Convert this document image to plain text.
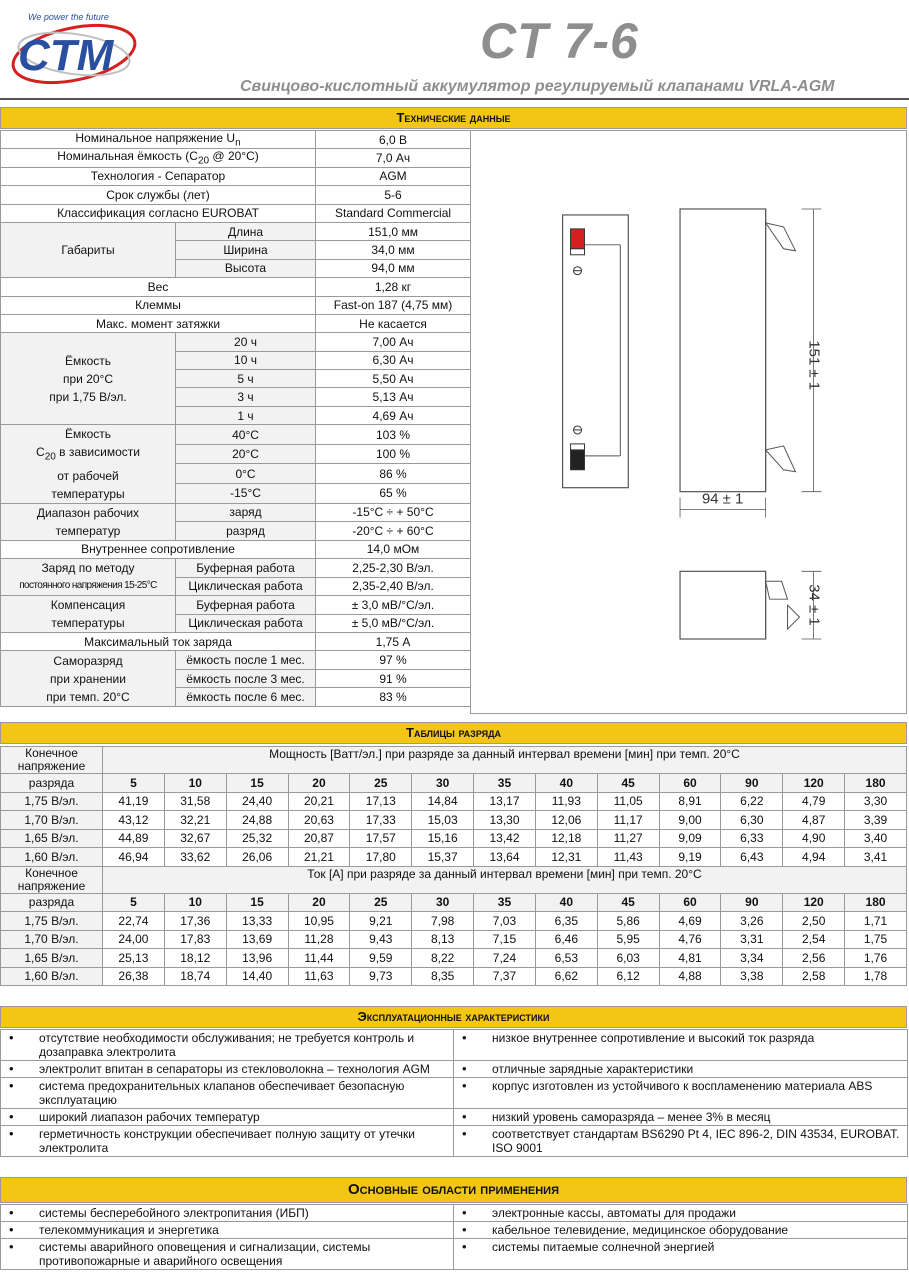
We power the future
CTM	CT 7-6
Свинцово-кислотный аккумулятор регулируемый клапанами VRLA-AGM
Технические данные
Номинальное напряжение $U_n$		6,0 В
Номинальная ёмкость ($С_{20}$ @ 20°С)		7,0 Ач
Технология - Сепаратор		AGM
Срок службы (лет)		5-6
Классификация согласно EUROBAT		Standard Commercial
Габариты	Длина	151,0 мм
	Ширина	34,0 мм
	Высота	94,0 мм
Вес		1,28 кг
Клеммы		Fast-on 187 (4,75 мм)
Макс. момент затяжки		Не касается

Ёмкость
при 20°С
при 1,75 В/эл.	20 ч	7,00 Ач
	10 ч	6,30 Ач
	5 ч	5,50 Ач
	3 ч	5,13 Ач
	1 ч	4,69 Ач

Ёмкость
$С_{20}$ в зависимости
от рабочей
температуры	40°С	103 %
	20°С	100 %
	0°С	86 %
	-15°С	65 %

Диапазон рабочих
температур	заряд	-15°С ÷ + 50°С
	разряд	-20°С ÷ + 60°С
Внутреннее сопротивление		14,0 мОм

Заряд по методу
постоянного напряжения 15-25°С	Буферная работа	2,25-2,30 В/эл.
	Циклическая работа	2,35-2,40 В/эл.

Компенсация
температуры	Буферная работа	± 3,0 мВ/°С/эл.
	Циклическая работа	± 5,0 мВ/°С/эл.
Максимальный ток заряда		1,75 А

Саморазряд
при хранении
при темп. 20°С	ёмкость после 1 мес.	97 %
	ёмкость после 3 мес.	91 %
	ёмкость после 6 мес.	83 %
151 ± 1
94 ± 1
34 ± 1
Таблицы разряда
Конечное напряжение	Мощность [Ватт/эл.] при разряде за данный интервал времени [мин] при темп. 20°С												

разряда	5	10	15	20	25	30	35	40	45	60	90	120	180
1,75 В/эл.	41,19	31,58	24,40	20,21	17,13	14,84	13,17	11,93	11,05	8,91	6,22	4,79	3,30
1,70 В/эл.	43,12	32,21	24,88	20,63	17,33	15,03	13,30	12,06	11,17	9,00	6,30	4,87	3,39
1,65 В/эл.	44,89	32,67	25,32	20,87	17,57	15,16	13,42	12,18	11,27	9,09	6,33	4,90	3,40
1,60 В/эл.	46,94	33,62	26,06	21,21	17,80	15,37	13,64	12,31	11,43	9,19	6,43	4,94	3,41
Конечное напряжение	Ток [А] при разряде за данный интервал времени [мин] при темп. 20°С												

разряда	5	10	15	20	25	30	35	40	45	60	90	120	180
1,75 В/эл.	22,74	17,36	13,33	10,95	9,21	7,98	7,03	6,35	5,86	4,69	3,26	2,50	1,71
1,70 В/эл.	24,00	17,83	13,69	11,28	9,43	8,13	7,15	6,46	5,95	4,76	3,31	2,54	1,75
1,65 В/эл.	25,13	18,12	13,96	11,44	9,59	8,22	7,24	6,53	6,03	4,81	3,34	2,56	1,76
1,60 В/эл.	26,38	18,74	14,40	11,63	9,73	8,35	7,37	6,62	6,12	4,88	3,38	2,58	1,78
Эксплуатационные характеристики
• отсутствие необходимости обслуживания; не требуется контроль и дозаправка электролита	• низкое внутреннее сопротивление и высокий ток разряда
• электролит впитан в сепараторы из стекловолокна – технология AGM	• отличные зарядные характеристики
• система предохранительных клапанов обеспечивает безопасную эксплуатацию	• корпус изготовлен из устойчивого к воспламенению материала ABS
• широкий лиапазон рабочих температур	• низкий уровень саморазряда – менее 3% в месяц
• герметичность конструкции обеспечивает полную защиту от утечки электролита	• соответствует стандартам BS6290 Pt 4, IEC 896-2, DIN 43534, EUROBAT. ISO 9001
Основные области применения
• системы бесперебойного электропитания (ИБП)	• электронные кассы, автоматы для продажи
• телекоммуникация и энергетика	• кабельное телевидение, медицинское оборудование
• системы аварийного оповещения и сигнализации, системы противопожарные и аварийного освещения	• системы питаемые солнечной энергией
